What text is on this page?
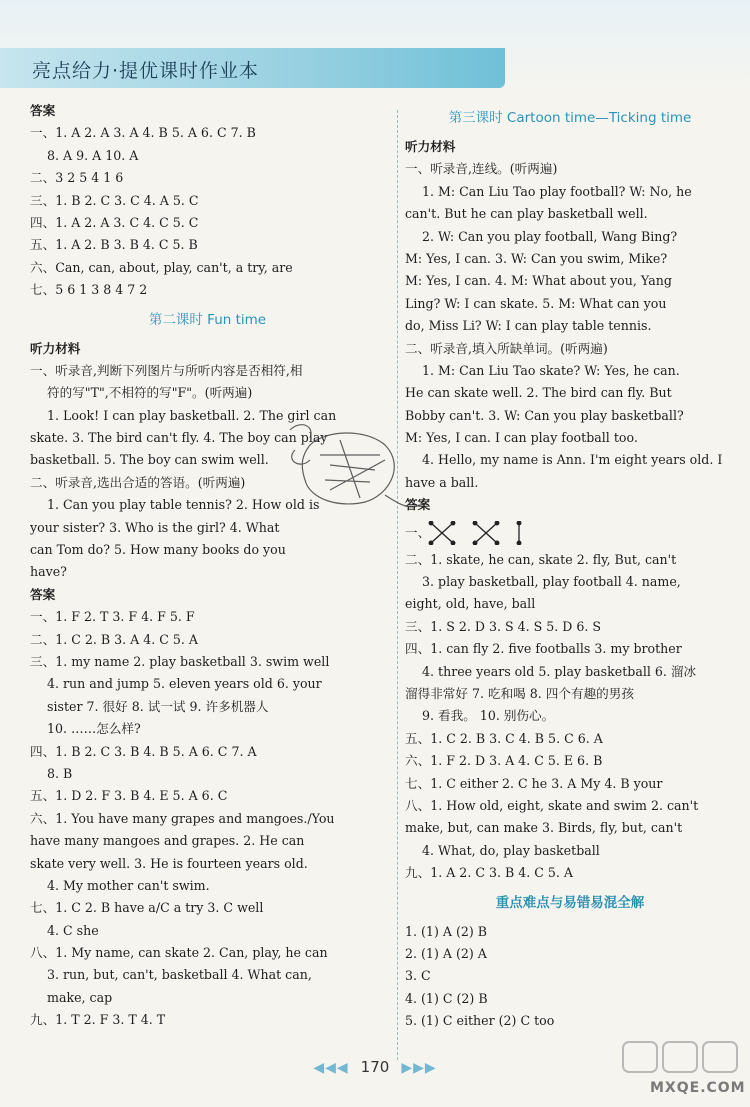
亮点给力·提优课时作业本
答案
一、1. A 2. A 3. A 4. B 5. A 6. C 7. B
8. A 9. A 10. A
二、3 2 5 4 1 6
三、1. B 2. C 3. C 4. A 5. C
四、1. A 2. A 3. C 4. C 5. C
五、1. A 2. B 3. B 4. C 5. B
六、Can, can, about, play, can't, a try, are
七、5 6 1 3 8 4 7 2
第二课时 Fun time
听力材料
一、听录音,判断下列图片与所听内容是否相符,相
符的写"T",不相符的写"F"。(听两遍)
1. Look! I can play basketball. 2. The girl can
skate. 3. The bird can't fly. 4. The boy can play
basketball. 5. The boy can swim well.
二、听录音,选出合适的答语。(听两遍)
1. Can you play table tennis? 2. How old is
your sister? 3. Who is the girl? 4. What
can Tom do? 5. How many books do you
have?
答案
一、1. F 2. T 3. F 4. F 5. F
二、1. C 2. B 3. A 4. C 5. A
三、1. my name 2. play basketball 3. swim well
4. run and jump 5. eleven years old 6. your
sister 7. 很好 8. 试一试 9. 许多机器人
10. ……怎么样?
四、1. B 2. C 3. B 4. B 5. A 6. C 7. A
8. B
五、1. D 2. F 3. B 4. E 5. A 6. C
六、1. You have many grapes and mangoes./You
have many mangoes and grapes. 2. He can
skate very well. 3. He is fourteen years old.
4. My mother can't swim.
七、1. C 2. B have a/C a try 3. C well
4. C she
八、1. My name, can skate 2. Can, play, he can
3. run, but, can't, basketball 4. What can,
make, cap
九、1. T 2. F 3. T 4. T
第三课时 Cartoon time—Ticking time
听力材料
一、听录音,连线。(听两遍)
1. M: Can Liu Tao play football? W: No, he
can't. But he can play basketball well.
2. W: Can you play football, Wang Bing?
M: Yes, I can. 3. W: Can you swim, Mike?
M: Yes, I can. 4. M: What about you, Yang
Ling? W: I can skate. 5. M: What can you
do, Miss Li? W: I can play table tennis.
二、听录音,填入所缺单词。(听两遍)
1. M: Can Liu Tao skate? W: Yes, he can.
He can skate well. 2. The bird can fly. But
Bobby can't. 3. W: Can you play basketball?
M: Yes, I can. I can play football too.
4. Hello, my name is Ann. I'm eight years old. I
have a ball.
答案
一、
二、1. skate, he can, skate 2. fly, But, can't
3. play basketball, play football 4. name,
eight, old, have, ball
三、1. S 2. D 3. S 4. S 5. D 6. S
四、1. can fly 2. five footballs 3. my brother
4. three years old 5. play basketball 6. 溜冰
溜得非常好 7. 吃和喝 8. 四个有趣的男孩
9. 看我。 10. 别伤心。
五、1. C 2. B 3. C 4. B 5. C 6. A
六、1. F 2. D 3. A 4. C 5. E 6. B
七、1. C either 2. C he 3. A My 4. B your
八、1. How old, eight, skate and swim 2. can't
make, but, can make 3. Birds, fly, but, can't
4. What, do, play basketball
九、1. A 2. C 3. B 4. C 5. A
重点难点与易错易混全解
1. (1) A (2) B
2. (1) A (2) A
3. C
4. (1) C (2) B
5. (1) C either (2) C too
◀◀◀ 170 ▶▶▶
MXQE.COM
